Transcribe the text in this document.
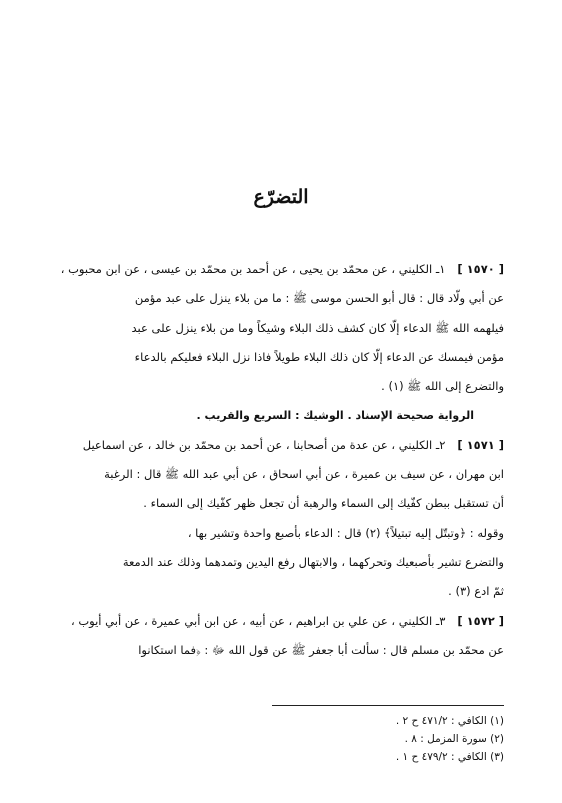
التضرّع
[ ١٥٧٠ ]١ـ الكليني ، عن محمّد بن يحيى ، عن أحمد بن محمّد بن عيسى ، عن ابن محبوب ،
عن أبي ولّاد قال : قال أبو الحسن موسى ﷺ : ما من بلاء ينزل على عبد مؤمن
فيلهمه الله ﷺ الدعاء إلّا كان كشف ذلك البلاء وشيكاً وما من بلاء ينزل على عبد
مؤمن فيمسك عن الدعاء إلّا كان ذلك البلاء طويلاً فاذا نزل البلاء فعليكم بالدعاء
والتضرع إلى الله ﷺ (١) .
الرواية صحيحة الإسناد . الوشيك : السريع والقريب .
[ ١٥٧١ ]٢ـ الكليني ، عن عدة من أصحابنا ، عن أحمد بن محمّد بن خالد ، عن اسماعيل
ابن مهران ، عن سيف بن عميرة ، عن أبي اسحاق ، عن أبي عبد الله ﷺ قال : الرغبة
أن تستقبل ببطن كفّيك إلى السماء والرهبة أن تجعل ظهر كفّيك إلى السماء .
وقوله : ﴿وتبتّل إليه تبتيلاً﴾ (٢) قال : الدعاء بأصبع واحدة وتشير بها ،
والتضرع تشير بأصبعيك وتحركهما ، والابتهال رفع اليدين وتمدهما وذلك عند الدمعة
ثمّ ادع (٣) .
[ ١٥٧٢ ]٣ـ الكليني ، عن علي بن ابراهيم ، عن أبيه ، عن ابن أبي عميرة ، عن أبي أيوب ،
عن محمّد بن مسلم قال : سألت أبا جعفر ﷺ عن قول الله ﷻ : ﴿فما استكانوا
(١) الكافي : ٤٧١/٢ ح ٢ .
(٢) سورة المزمل : ٨ .
(٣) الكافي : ٤٧٩/٢ ح ١ .
